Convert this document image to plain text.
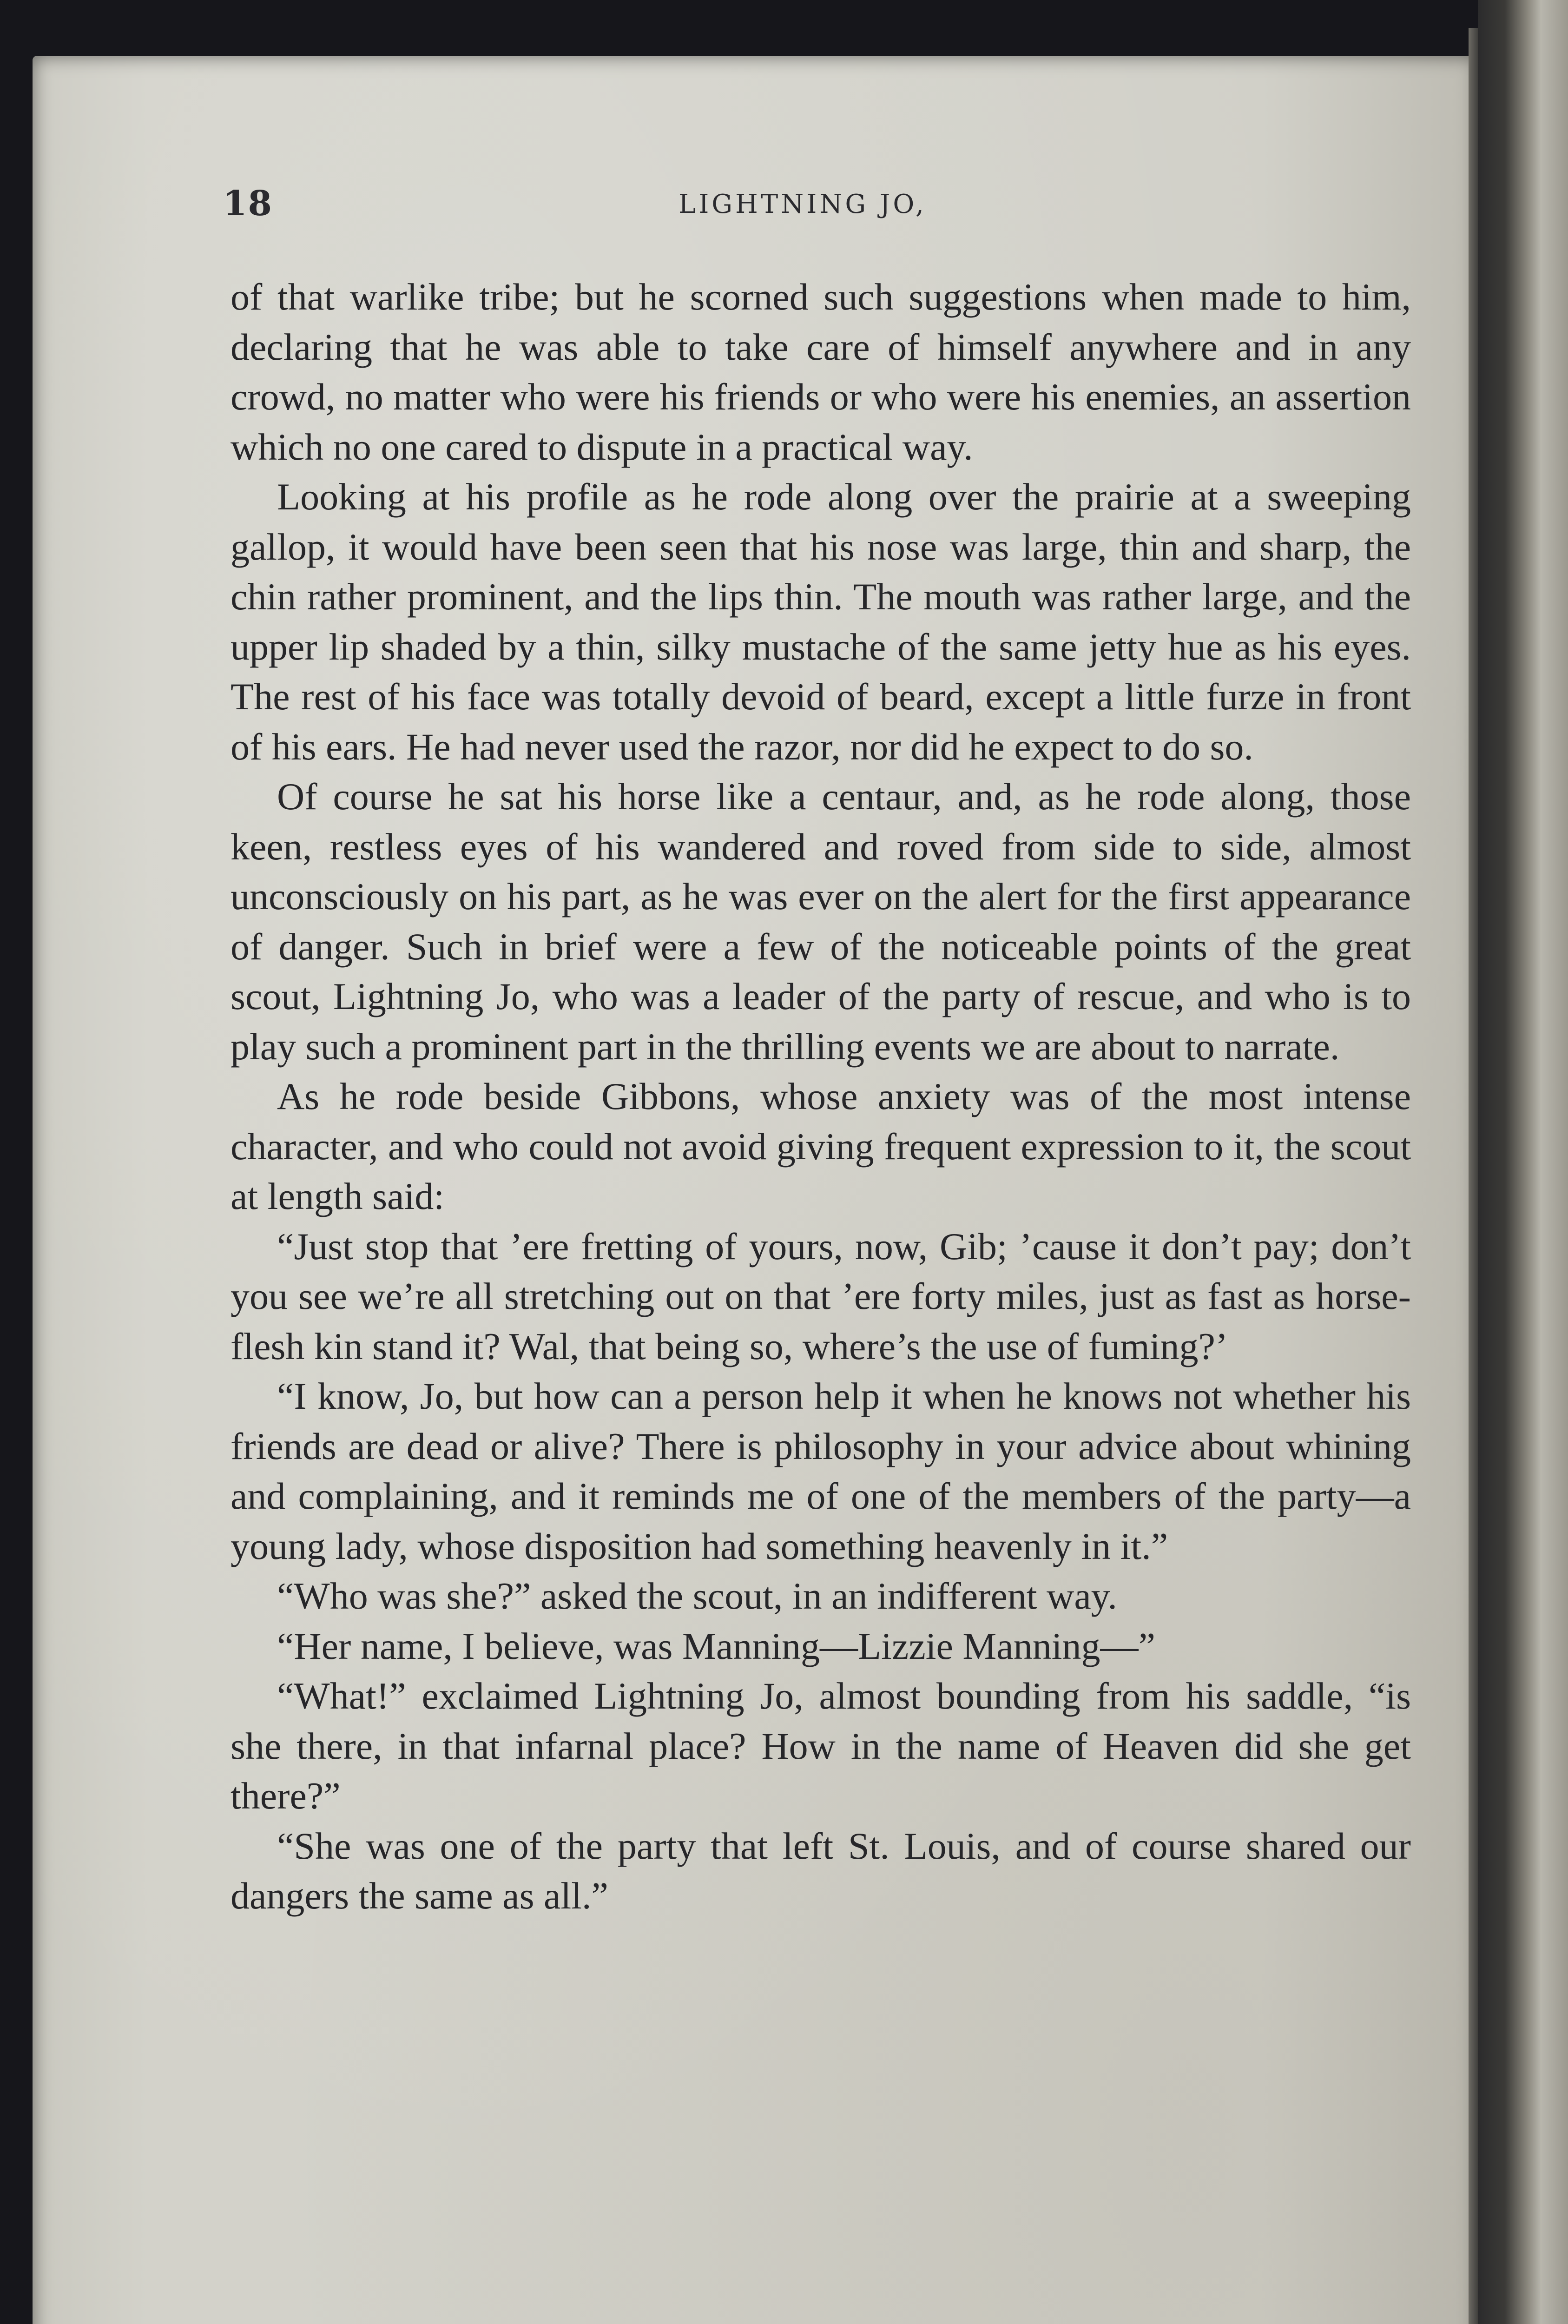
18	LIGHTNING JO,

of that warlike tribe; but he scorned such suggestions when made to him, declaring that he was able to take care of himself anywhere and in any crowd, no matter who were his friends or who were his enemies, an assertion which no one cared to dispute in a practical way.

Looking at his profile as he rode along over the prairie at a sweeping gallop, it would have been seen that his nose was large, thin and sharp, the chin rather prominent, and the lips thin. The mouth was rather large, and the upper lip shaded by a thin, silky mustache of the same jetty hue as his eyes. The rest of his face was totally devoid of beard, except a little furze in front of his ears. He had never used the razor, nor did he expect to do so.

Of course he sat his horse like a centaur, and, as he rode along, those keen, restless eyes of his wandered and roved from side to side, almost unconsciously on his part, as he was ever on the alert for the first appearance of danger. Such in brief were a few of the noticeable points of the great scout, Lightning Jo, who was a leader of the party of rescue, and who is to play such a prominent part in the thrilling events we are about to narrate.

As he rode beside Gibbons, whose anxiety was of the most intense character, and who could not avoid giving frequent expression to it, the scout at length said:

“Just stop that ’ere fretting of yours, now, Gib; ’cause it don’t pay; don’t you see we’re all stretching out on that ’ere forty miles, just as fast as horse-flesh kin stand it? Wal, that being so, where’s the use of fuming?’

“I know, Jo, but how can a person help it when he knows not whether his friends are dead or alive? There is philosophy in your advice about whining and complaining, and it reminds me of one of the members of the party—a young lady, whose disposition had something heavenly in it.”

“Who was she?” asked the scout, in an indifferent way.

“Her name, I believe, was Manning—Lizzie Manning—”

“What!” exclaimed Lightning Jo, almost bounding from his saddle, “is she there, in that infarnal place? How in the name of Heaven did she get there?”

“She was one of the party that left St. Louis, and of course shared our dangers the same as all.”
